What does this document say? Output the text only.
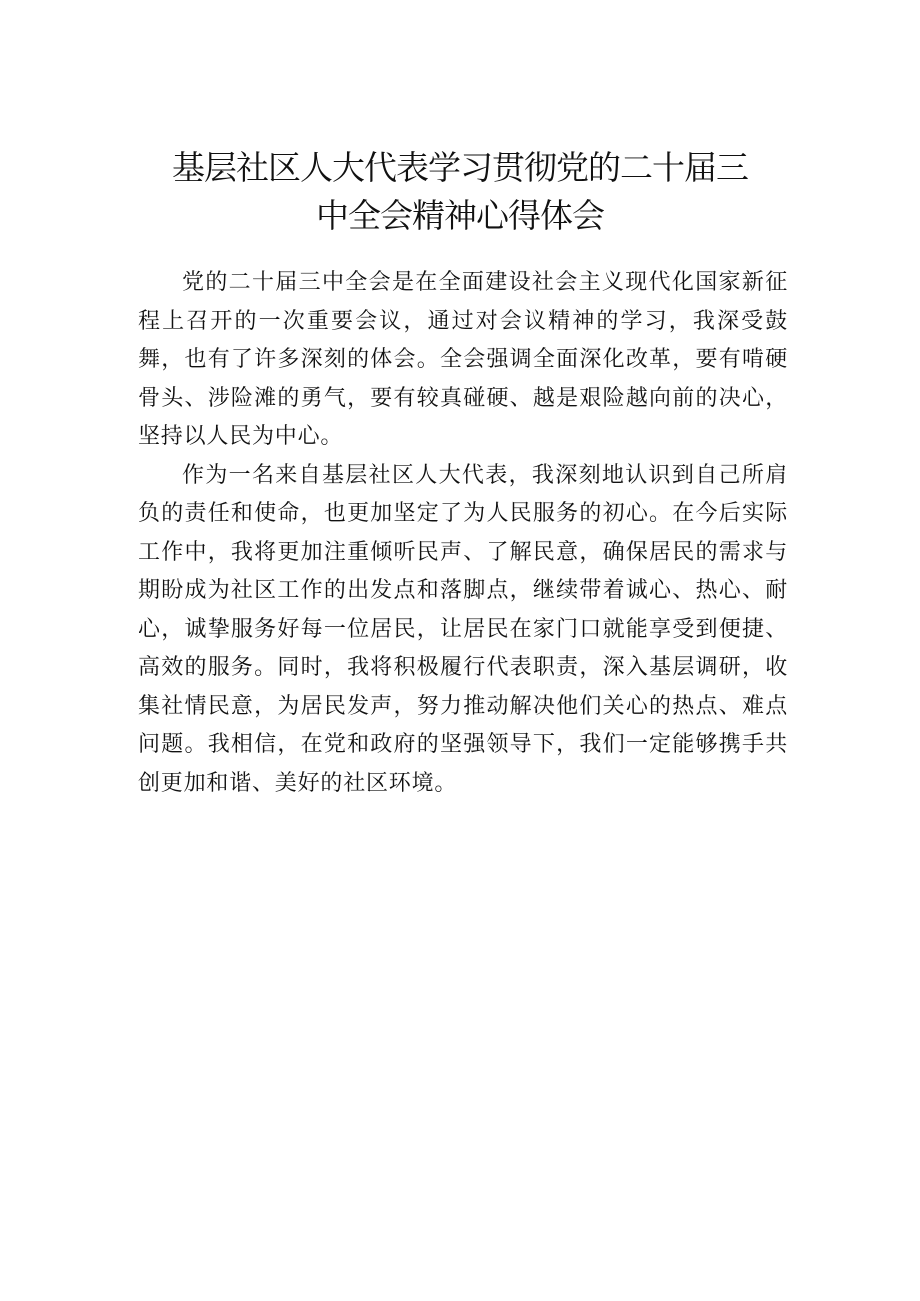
基层社区人大代表学习贯彻党的二十届三
中全会精神心得体会

党的二十届三中全会是在全面建设社会主义现代化国家新征程上召开的一次重要会议，通过对会议精神的学习，我深受鼓舞，也有了许多深刻的体会。全会强调全面深化改革，要有啃硬骨头、涉险滩的勇气，要有较真碰硬、越是艰险越向前的决心，坚持以人民为中心。

作为一名来自基层社区人大代表，我深刻地认识到自己所肩负的责任和使命，也更加坚定了为人民服务的初心。在今后实际工作中，我将更加注重倾听民声、了解民意，确保居民的需求与期盼成为社区工作的出发点和落脚点，继续带着诚心、热心、耐心，诚挚服务好每一位居民，让居民在家门口就能享受到便捷、高效的服务。同时，我将积极履行代表职责，深入基层调研，收集社情民意，为居民发声，努力推动解决他们关心的热点、难点问题。我相信，在党和政府的坚强领导下，我们一定能够携手共创更加和谐、美好的社区环境。
